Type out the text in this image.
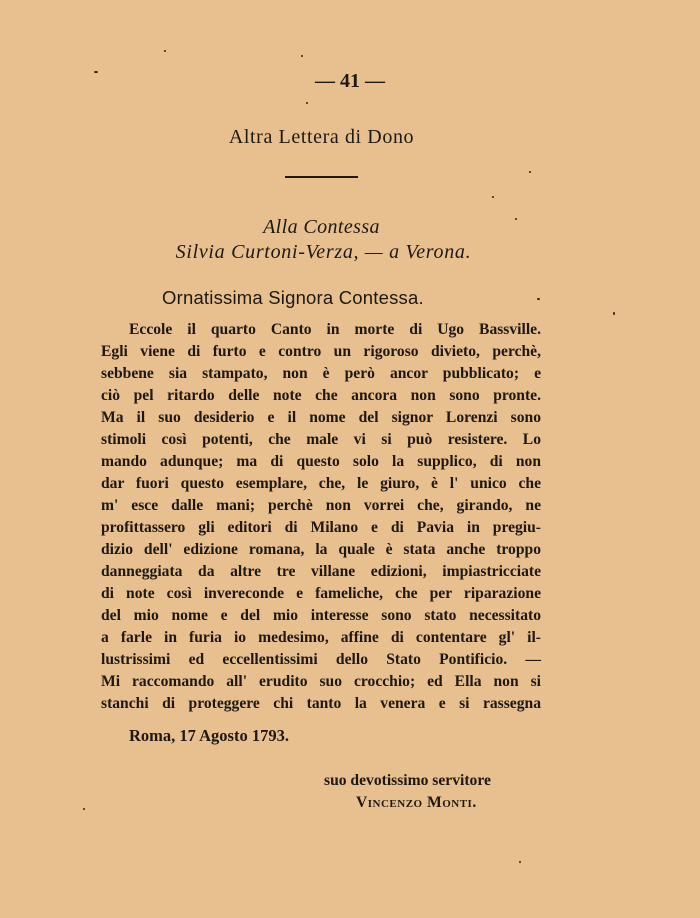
— 41 —
Altra Lettera di Dono
Alla Contessa
Silvia Curtoni-Verza, — a Verona.
Ornatissima Signora Contessa.
Eccole il quarto Canto in morte di Ugo Bassville.
Egli viene di furto e contro un rigoroso divieto, perchè,
sebbene sia stampato, non è però ancor pubblicato; e
ciò pel ritardo delle note che ancora non sono pronte.
Ma il suo desiderio e il nome del signor Lorenzi sono
stimoli così potenti, che male vi si può resistere. Lo
mando adunque; ma di questo solo la supplico, di non
dar fuori questo esemplare, che, le giuro, è l' unico che
m' esce dalle mani; perchè non vorrei che, girando, ne
profittassero gli editori di Milano e di Pavia in pregiu-
dizio dell' edizione romana, la quale è stata anche troppo
danneggiata da altre tre villane edizioni, impiastricciate
di note così invereconde e fameliche, che per riparazione
del mio nome e del mio interesse sono stato necessitato
a farle in furia io medesimo, affine di contentare gl' il-
lustrissimi ed eccellentissimi dello Stato Pontificio. —
Mi raccomando all' erudito suo crocchio; ed Ella non si
stanchi di proteggere chi tanto la venera e si rassegna
Roma, 17 Agosto 1793.
suo devotissimo servitore
Vincenzo Monti.
